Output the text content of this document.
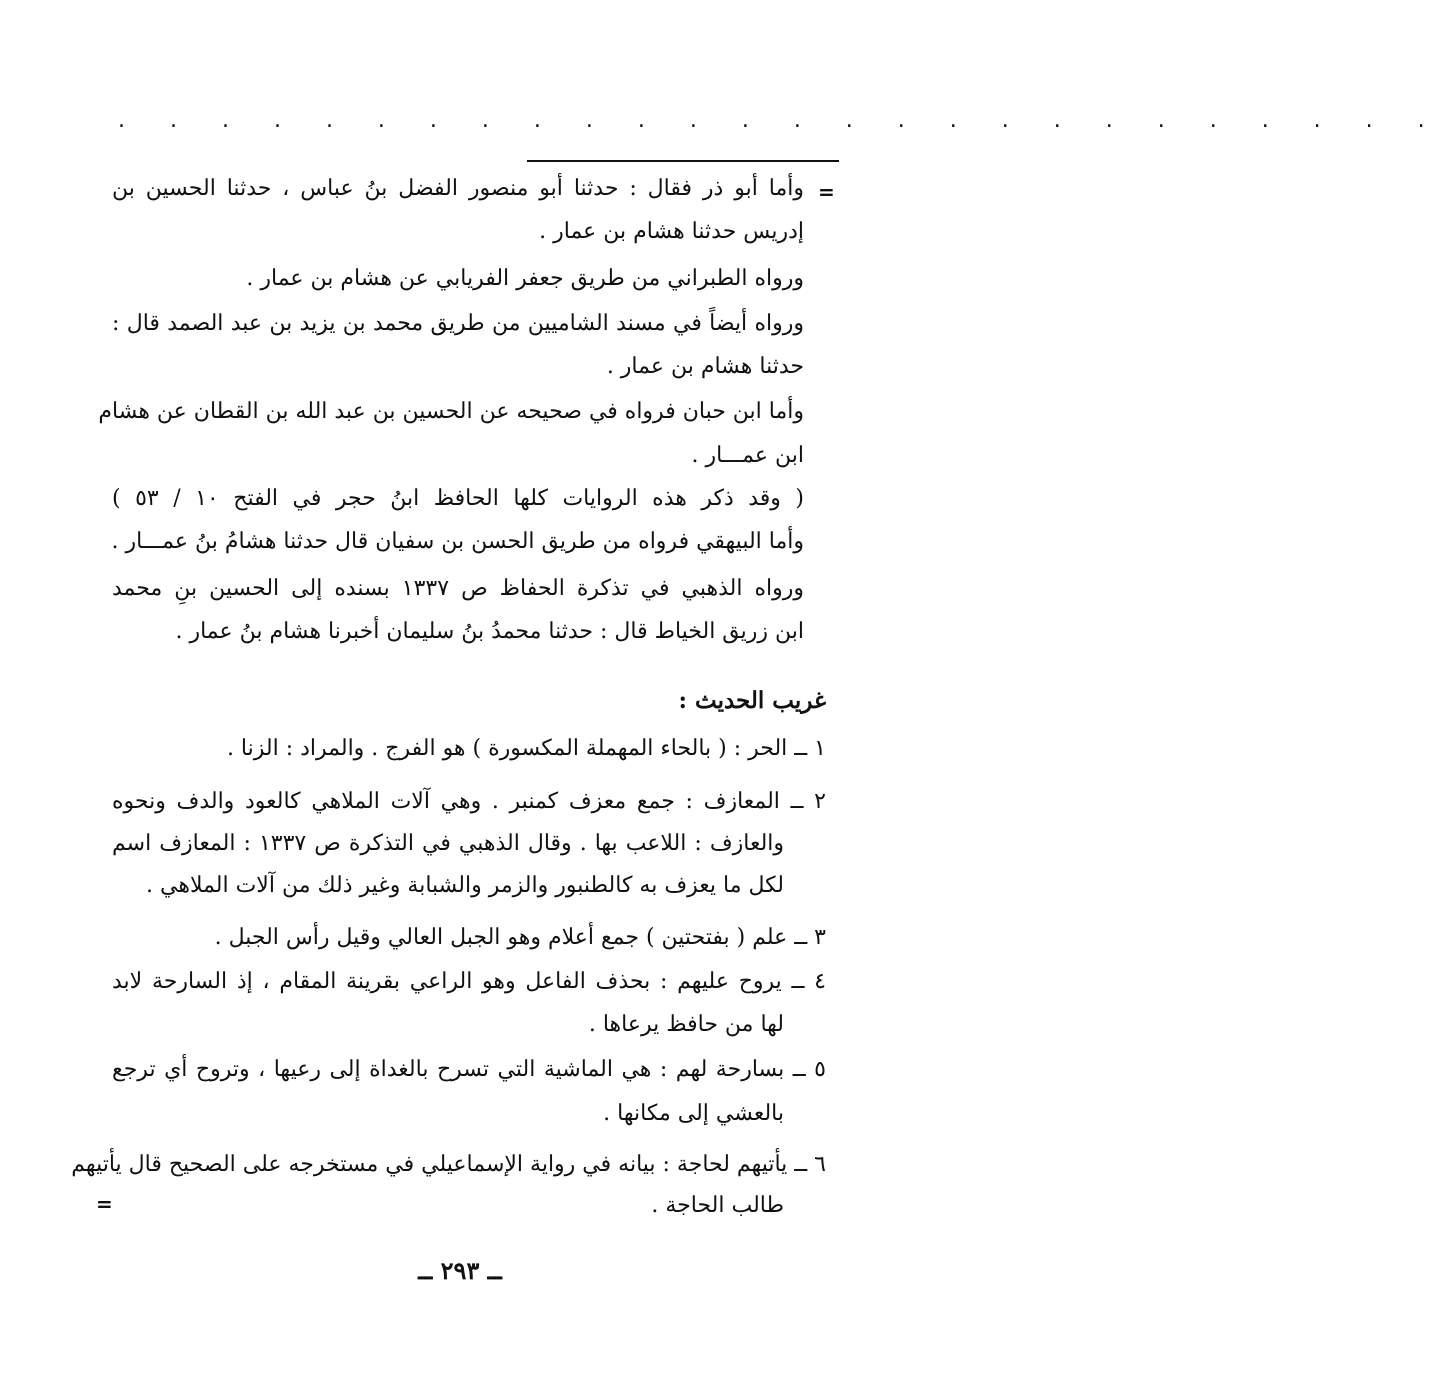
. . . . . . . . . . . . . . . . . . . . . . . . . .
=
وأما أبو ذر فقال : حدثنا أبو منصور الفضل بنُ عباس ، حدثنا الحسين بن
إدريس حدثنا هشام بن عمار .
ورواه الطبراني من طريق جعفر الفريابي عن هشام بن عمار .
ورواه أيضاً في مسند الشاميين من طريق محمد بن يزيد بن عبد الصمد قال :
حدثنا هشام بن عمار .
وأما ابن حبان فرواه في صحيحه عن الحسين بن عبد الله بن القطان عن هشام
ابن عمـــار .
( وقد ذكر هذه الروايات كلها الحافظ ابنُ حجر في الفتح ١٠ / ٥٣ )
وأما البيهقي فرواه من طريق الحسن بن سفيان قال حدثنا هشامُ بنُ عمـــار .
ورواه الذهبي في تذكرة الحفاظ ص ١٣٣٧ بسنده إلى الحسين بنِ محمد
ابن زريق الخياط قال : حدثنا محمدُ بنُ سليمان أخبرنا هشام بنُ عمار .
غريب الحديث :
١ ــ الحر : ( بالحاء المهملة المكسورة ) هو الفرج . والمراد : الزنا .
٢ ــ المعازف : جمع معزف كمنبر . وهي آلات الملاهي كالعود والدف ونحوه
والعازف : اللاعب بها . وقال الذهبي في التذكرة ص ١٣٣٧ : المعازف اسم
لكل ما يعزف به كالطنبور والزمر والشبابة وغير ذلك من آلات الملاهي .
٣ ــ علم ( بفتحتين ) جمع أعلام وهو الجبل العالي وقيل رأس الجبل .
٤ ــ يروح عليهم : بحذف الفاعل وهو الراعي بقرينة المقام ، إذ السارحة لابد
لها من حافظ يرعاها .
٥ ــ بسارحة لهم : هي الماشية التي تسرح بالغداة إلى رعيها ، وتروح أي ترجع
بالعشي إلى مكانها .
٦ ــ يأتيهم لحاجة : بيانه في رواية الإسماعيلي في مستخرجه على الصحيح قال يأتيهم
طالب الحاجة .
=
ــ ٢٩٣ ــ
